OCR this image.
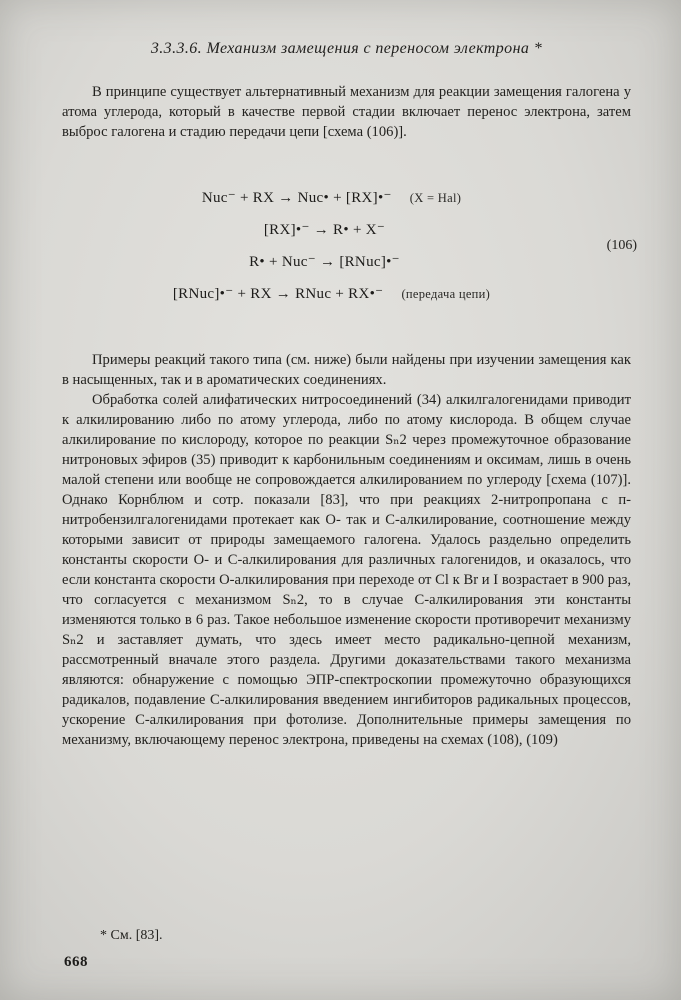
3.3.3.6. Механизм замещения с переносом электрона *

В принципе существует альтернативный механизм для реакции замещения галогена у атома углерода, который в качестве первой стадии включает перенос электрона, затем выброс галогена и стадию передачи цепи [схема (106)].

Nuc⁻ + RX → Nuc• + [RX]•⁻ (X = Hal)
[RX]•⁻ → R• + X⁻
R• + Nuc⁻ → [RNuc]•⁻
[RNuc]•⁻ + RX → RNuc + RX•⁻ (передача цепи)
(106)

Примеры реакций такого типа (см. ниже) были найдены при изучении замещения как в насыщенных, так и в ароматических соединениях.

Обработка солей алифатических нитросоединений (34) алкилгалогенидами приводит к алкилированию либо по атому углерода, либо по атому кислорода. В общем случае алкилирование по кислороду, которое по реакции Sₙ2 через промежуточное образование нитроновых эфиров (35) приводит к карбонильным соединениям и оксимам, лишь в очень малой степени или вообще не сопровождается алкилированием по углероду [схема (107)]. Однако Корнблюм и сотр. показали [83], что при реакциях 2-нитропропана с п-нитробензилгалогенидами протекает как О- так и С-алкилирование, соотношение между которыми зависит от природы замещаемого галогена. Удалось раздельно определить константы скорости О- и С-алкилирования для различных галогенидов, и оказалось, что если константа скорости О-алкилирования при переходе от Cl к Br и I возрастает в 900 раз, что согласуется с механизмом Sₙ2, то в случае С-алкилирования эти константы изменяются только в 6 раз. Такое небольшое изменение скорости противоречит механизму Sₙ2 и заставляет думать, что здесь имеет место радикально-цепной механизм, рассмотренный вначале этого раздела. Другими доказательствами такого механизма являются: обнаружение с помощью ЭПР-спектроскопии промежуточно образующихся радикалов, подавление С-алкилирования введением ингибиторов радикальных процессов, ускорение С-алкилирования при фотолизе. Дополнительные примеры замещения по механизму, включающему перенос электрона, приведены на схемах (108), (109)

* См. [83].

668
